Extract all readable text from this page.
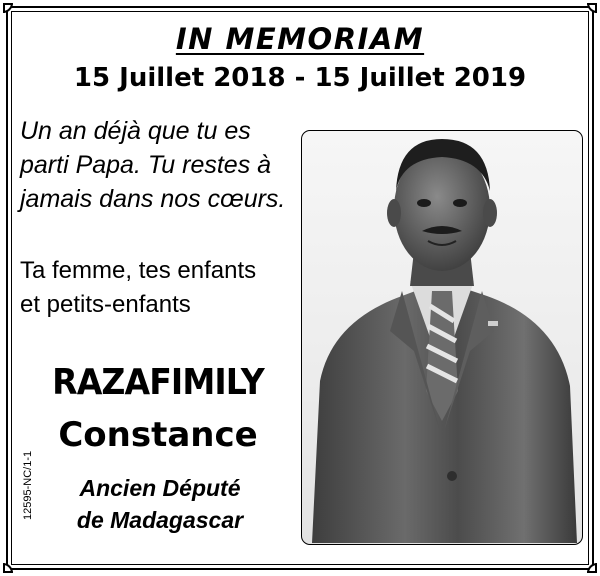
IN MEMORIAM
15 Juillet 2018 - 15 Juillet 2019
Un an déjà que tu es
parti Papa. Tu restes à
jamais dans nos cœurs.
Ta femme, tes enfants
et petits-enfants
RAZAFIMILY
Constance
Ancien Député
de Madagascar
12595-NC/1-1
